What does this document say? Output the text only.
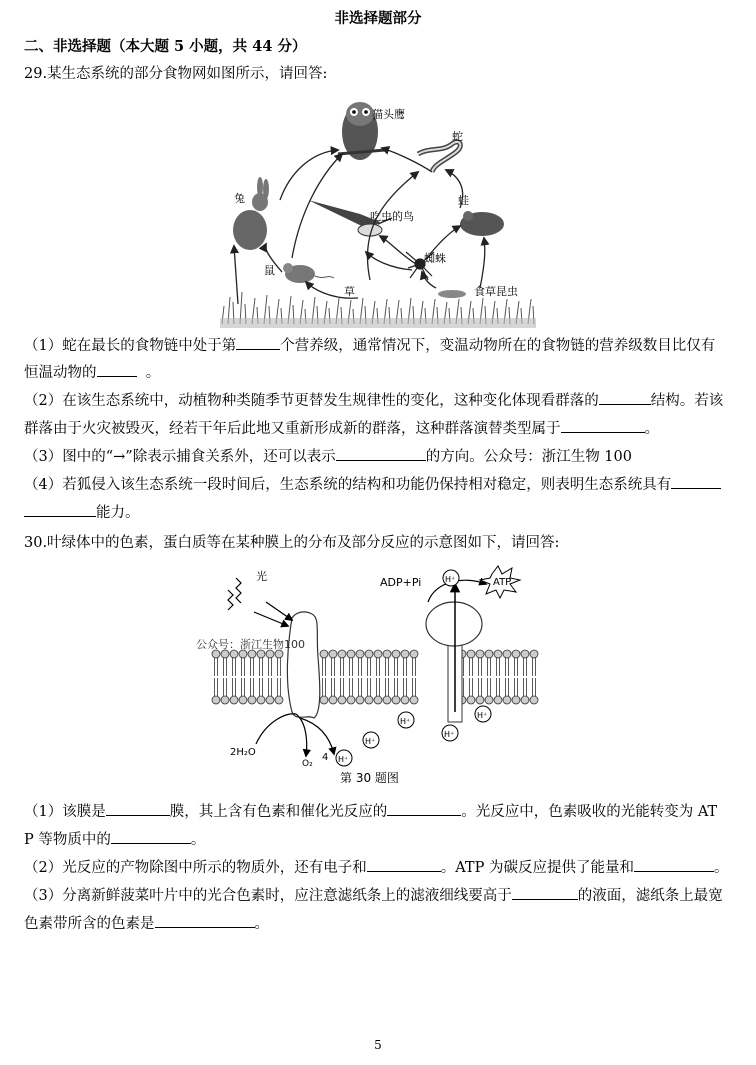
非选择题部分
二、非选择题（本大题 5 小题，共 44 分）
29.某生态系统的部分食物网如图所示，请回答:
猫头鹰
蛇
兔	蛙
吃虫的鸟
蜘蛛
鼠
草	食草昆虫
（1）蛇在最长的食物链中处于第	个营养级，通常情况下，变温动物所在的食物链的营养级数目比仅有
恒温动物的	。
（2）在该生态系统中，动植物种类随季节更替发生规律性的变化，这种变化体现看群落的	结构。若该
群落由于火灾被毁灭，经若干年后此地又重新形成新的群落，这种群落演替类型属于	。
（3）图中的“→”除表示捕食关系外，还可以表示	的方向。公众号：浙江生物 100
（4）若狐侵入该生态系统一段时间后，生态系统的结构和功能仍保持相对稳定，则表明生态系统具有
能力。
30.叶绿体中的色素，蛋白质等在某种膜上的分布及部分反应的示意图如下，请回答:
光	ADP+Pi	ATP
H⁺
H⁺
H⁺
H⁺
H⁺
H⁺
2H₂O
O₂
4
公众号：浙江生物100
第 30 题图
（1）该膜是	膜，其上含有色素和催化光反应的	。光反应中，色素吸收的光能转变为 AT
P 等物质中的	。
（2）光反应的产物除图中所示的物质外，还有电子和	。ATP 为碳反应提供了能量和	。
（3）分离新鲜菠菜叶片中的光合色素时，应注意滤纸条上的滤液细线要高于	的液面，滤纸条上最宽
色素带所含的色素是	。
5
